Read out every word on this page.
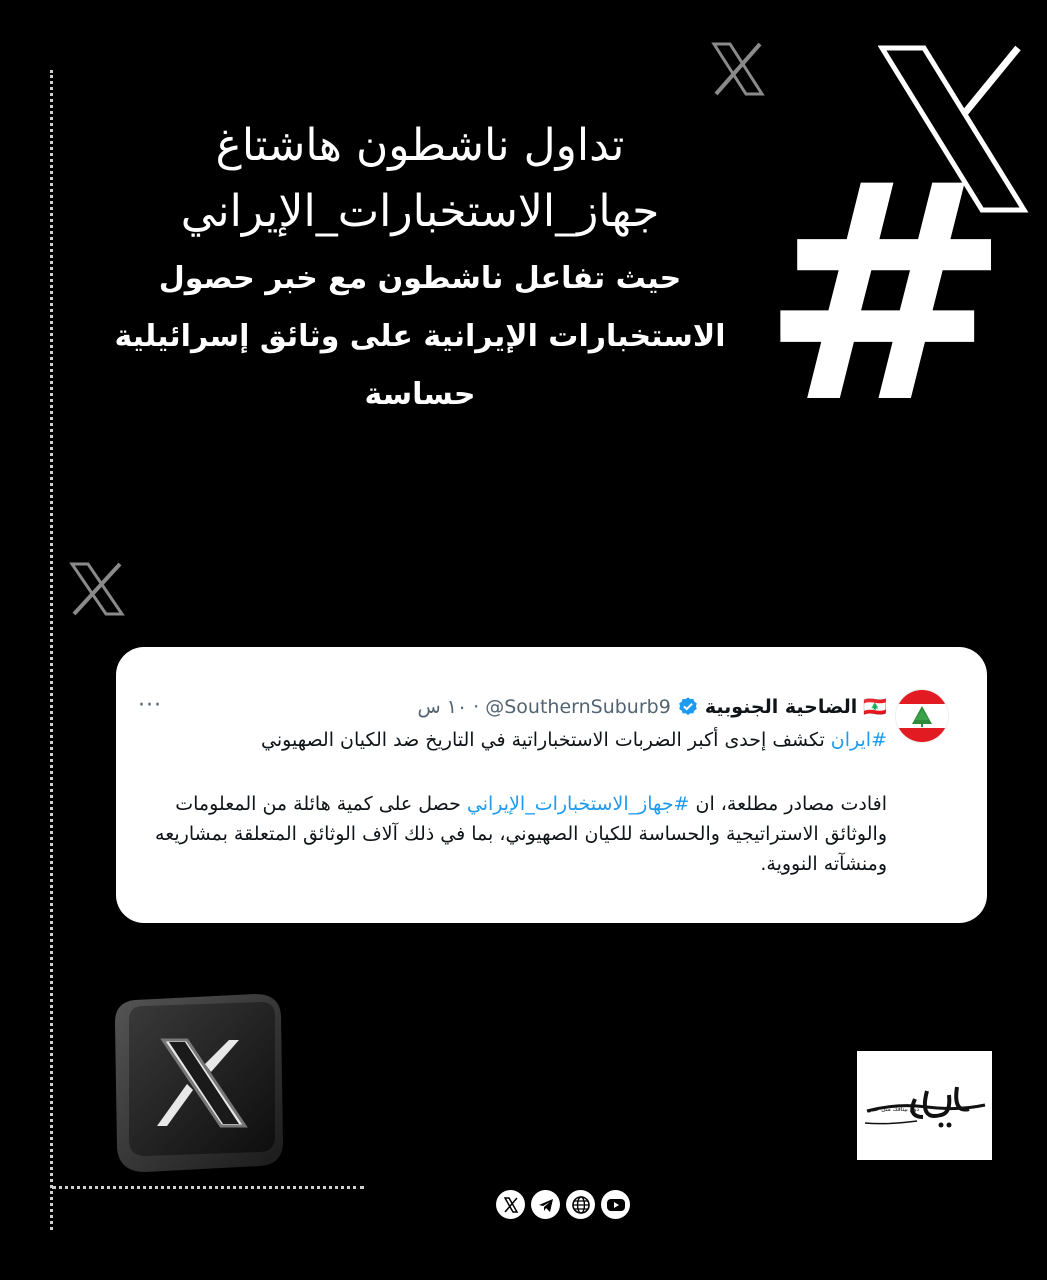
#
تداول ناشطون هاشتاغ
جهاز_الاستخبارات_الإيراني
حيث تفاعل ناشطون مع خبر حصول الاستخبارات الإيرانية على وثائق إسرائيلية حساسة
🇱🇧
الضاحية الجنوبية
@SouthernSuburb9
·
١٠ س
···
#ايران تكشف إحدى أكبر الضربات الاستخباراتية في التاريخ ضد الكيان الصهيوني
افادت مصادر مطلعة، ان #جهاز_الاستخبارات_الإيراني حصل على كمية هائلة من المعلومات والوثائق الاستراتيجية والحساسة للكيان الصهيوني، بما في ذلك آلاف الوثائق المتعلقة بمشاريعه ومنشآته النووية.
دوم بيتاقك مثل خبير
